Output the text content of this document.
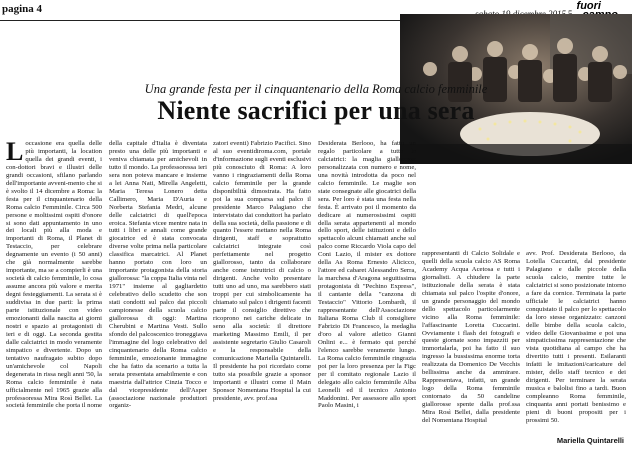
pagina 4	fuori
Una grande festa per il cinquantenario della Roma calcio femminile
Niente sacrifici per una sera
L occasione era quella delle più importanti, la location quella dei grandi eventi, i con-dottori bravi e illustri delle grandi occasioni, sfilano parlando dell'importante avveni-mento che si è svolto il 14 dicembre a Roma: la festa per il cinquantenario della Roma calcio Femminile. Circa 500 persone e moltissimi ospiti d'onore si sono dati appuntamento in uno dei locali più alla moda e importanti di Roma, il Planet di Testaccio, per celebrare degnamente un evento (i 50 anni) che già normalmente sarebbe importante, ma se a compierli è una società di calcio femminile, lo cosa assume ancora più valore e merita degni festeggiamenti. La serata si è suddivisa in due parti: la prima parte istituzionale con video emozionanti dalla nascita ai giorni nostri e spazio ai protagonisti di ieri e di oggi. La seconda gestita dalle calciatrici in modo veramente simpatico e divertente. Dopo un tentativo naufragato subito dopo un'amichevole col Napoli degenerata in rissa negli anni '50, la Roma calcio femminile è nata ufficialmente nel 1965 grazie alla professoressa Mira Rosì Bellei. La società femminile che porta il nome

della capitale d'Italia è diventata presto una delle più importanti e veniva chiamata per amichevoli in tutto il mondo. La professoressa ieri sera non poteva mancare e insieme a lei Anna Nati, Mirella Angeletti, Maria Teresa Lonero detta Callimero, Maria D'Auria e Norberta Stefania Medri, alcune delle calciatrici di quell'epoca eroica. Stefania vicee mentre nata in tutti i libri e annali come grande giocatrice ed è stata convocata diverse volte prima nella particolare classifica marcatrici. Al Planet hanno portato con loro un importante protagonista della storia giallorossa: "la coppa Italia vinta nel 1971" insieme al gagliardetto celebrativo dello scudetto che son stati condotti sul palco dai piccoli campionesse della scuola calcio giallorossa di oggi: Martina Cherubini e Martina Vesti. Sullo sfondo del palcoscenico troneggiava l'immagine del logo celebrativo del cinquantenario della Roma calcio femminile, emozionante immagine che ha fatto da scenario a tutta la serata presentata amabilmente e con maestria dall'attrice Cinzia Tocco e dal vicepresidente dell'Asper (associazione nazionale produttori organiz-

zatori eventi) Fabrizio Pacifici. Sino al suo eventidiroma.com, portale d'informazione sugli eventi esclusivi più conosciuto di Roma: A loro vanno i ringraziamenti della Roma calcio femminile per la grande disponibilità dimostrata. Ha fatto poi la sua comparsa sul palco il presidente Marco Palagiano che intervistato dai conduttori ha parlato della sua società, della passione e di quanto l'essere mettano nella Roma dirigenti, staff e soprattutto calciatrici integrate così perfettamente nel progetto giallorosso, tanto da collaborare anche come istruttrici di calcio o dirigenti. Anche volto presentare tutti uno ad uno, ma sarebbero stati troppi per cui simbolicamente ha chiamato sul palco i dirigenti facenti parte il consiglio direttivo che ricoprono nei cariche delicate in seno alla società: il direttore marketing Massimo Emili, il per assistente segretario Giulio Casaroli e la responsabile della comunicazione Mariella Quintarelli. Il presidente ha poi ricordato come tutto sia possibile grazie a sponsor importanti e illustri come il Main Sponsor Nomentana Hospital la cui presidente, avv. prof.ssa

Desiderata Berlooo, ha fatto un regalo particolare a tutte le calciatrici: la maglia giallorossa personalizzata con numero e nome, una novità introdotta da poco nel calcio femminile. Le maglie son state consegnate alle giocatrici della sera. Per loro è stata una festa nella festa. È arrivato poi il momento da dedicare ai numerosissimi ospiti della serata appartenenti al mondo dello sport, delle istituzioni e dello spettacolo alcuni chiamati anche sul palco come Riccardo Viola capo del Coni Lazio, il mister ex dottore della As Roma Ernesto Alicicco, l'attore ed cabaret Alessandro Serra, la marchesa d'Aragona seguitissima protagonista di "Pechino Express", il cantante della "canzona di Testaccio" Vittorio Lombardi, il rappresentante dell'Associazione Italiana Roma Club il consigliere Fabrizio Di Francesco, la medaglia d'oro al valore atletico Gianni Onlini e... è fermato qui perché l'elenco sarebbe veramente lungo. La Roma calcio femminile ringrazia poi per la loro presenza per la Figc per il comitato regionale Lazio il delegato allo calcio femminile Alba Leonelli ed il tecnico Antonio Maddonini. Per assessore allo sport Paolo Masini, i

rappresentanti di Calcio Solidale e quelli della scuola calcio AS Roma Academy Acqua Acetosa e tutti i giornalisti. A chiudere la parte istituzionale della serata è stata chiamata sul palco l'ospite d'onore, un grande personaggio del mondo dello spettacolo particolarmente vicino alla Roma femminile: l'affascinante Loretta Cuccarini. Ovviamente i flash dei fotografi e queste giornate sono impazziti per immortalarla, poi ha fatto il suo ingresso la bussissima enorme torta realizzata da Domenico De Vecchis bellissima anche da ammirare. Rappresentava, infatti, un grande logo della Roma femminile contornato da 50 candeline giallorosse spente dalla prof.ssa Mira Rosì Bellei, dalla presidente del Nomentana Hospital

avv. Prof. Desiderata Berlooo, da Lotella Cuccarini, dal presidente Palagiano e dalle piccole della scuola calcio, mentre tutte le calciatrici si sono posizionate intorno a fare da cornice. Terminata la parte ufficiale le calciatrici hanno conquistato il palco per lo spettacolo da loro stesse organizzato: canzoni delle bimbe della scuola calcio, video delle Giovanissime e poi una simpaticissima rappresentazione che vista quotidiana al campo che ha divertito tutti i presenti. Esilaranti infatti le imitazioni/caricature del mister, dello staff tecnico e dei dirigenti. Per terminare la serata musica e balolisi fino a tardi. Buon compleanno Roma femminile, cinquanta anni portati benissimo e pieni di buoni propositi per i prossimi 50.

Mariella Quintarelli
